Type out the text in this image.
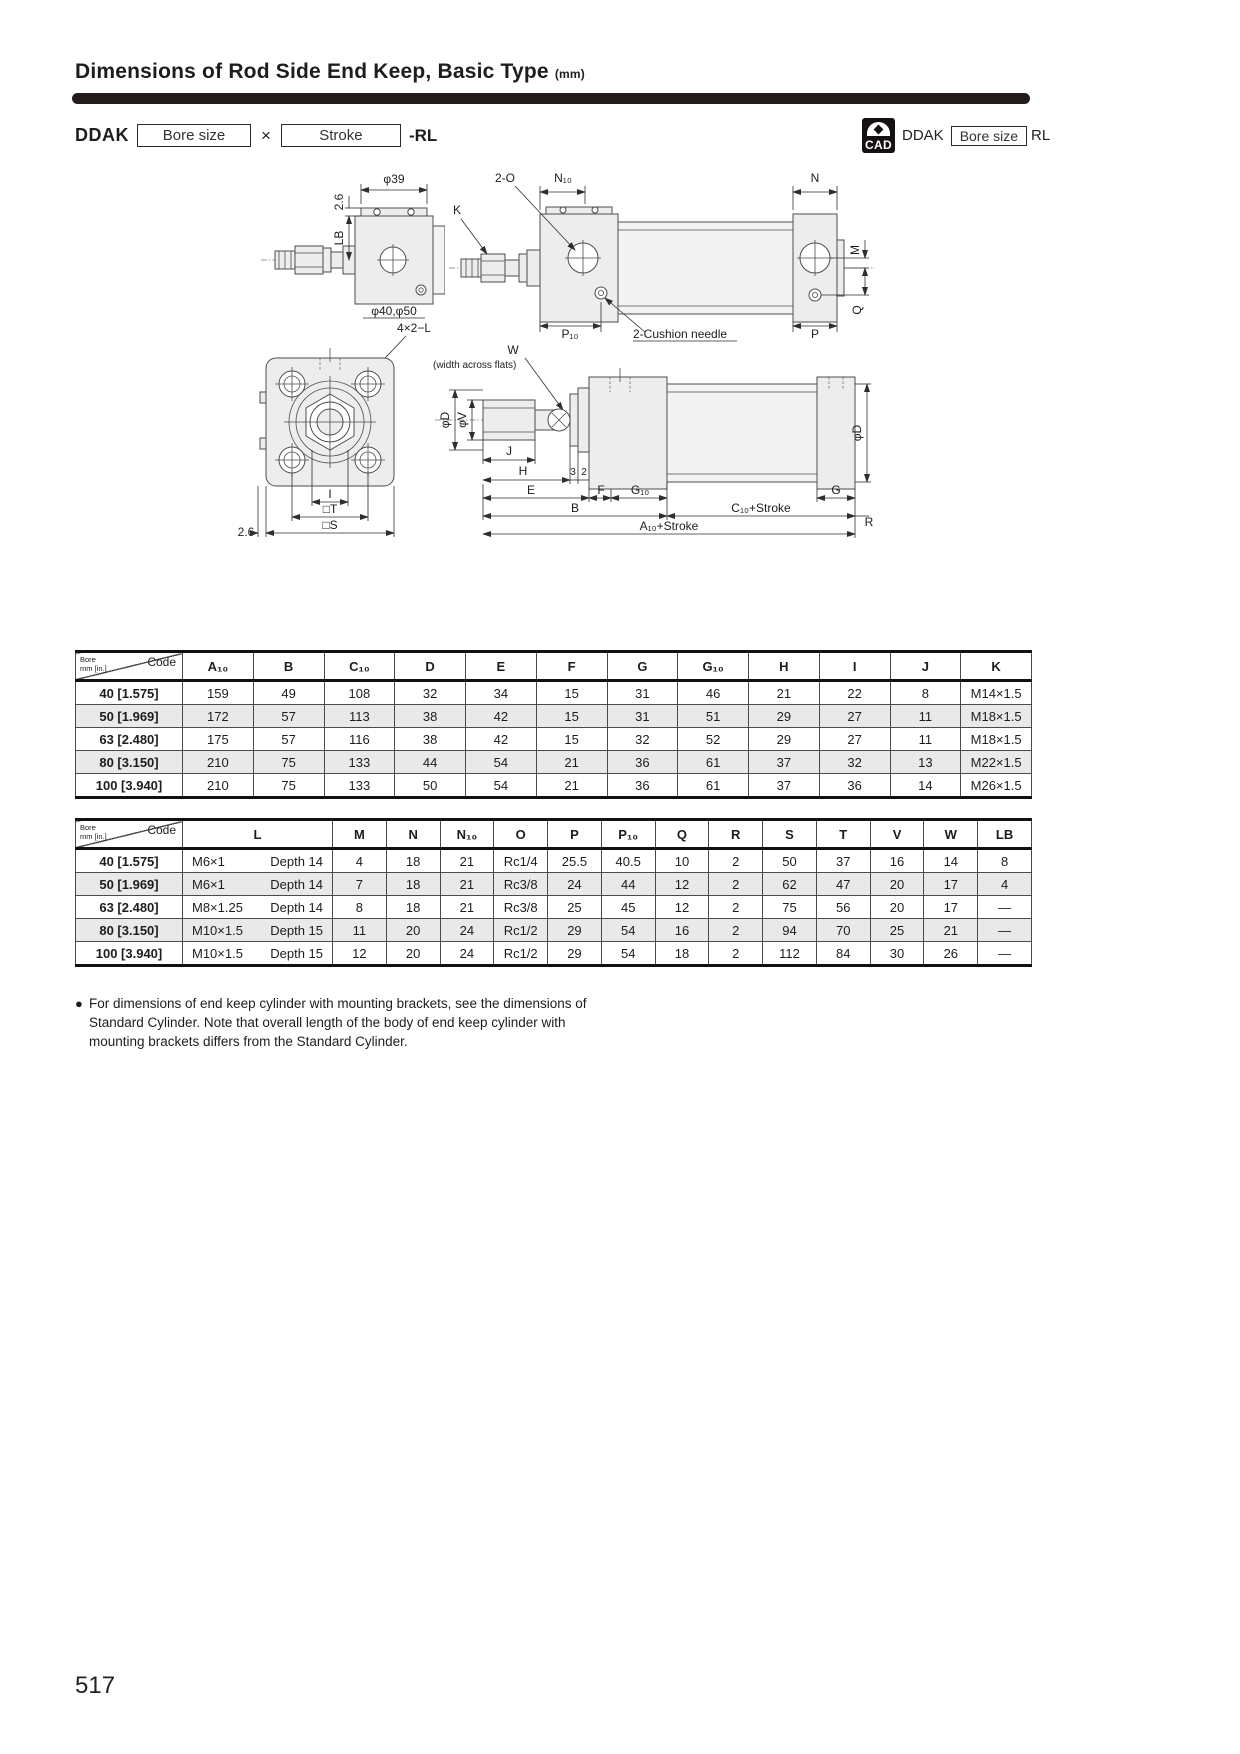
Dimensions of Rod Side End Keep, Basic Type (mm)
DDAK	Bore size	×	Stroke	-RL
CAD
DDAK	Bore size RL
φ39
2.6
LB
φ40,φ50
N₁₀
2-O
K
N
M
Q
P₁₀	2-Cushion needle	P
4×2−L
I
□T
□S
2.6
W
(width across flats)
φD φV
J
H	3 2
E	F G₁₀	G
B	C₁₀+Stroke
R
A₁₀+Stroke
φD
Code
Bore
mm [in.]	A₁₀	B	C₁₀	D	E	F	G	G₁₀	H	I	J	K
40 [1.575]	159	49	108	32	34	15	31	46	21	22	8	M14×1.5
50 [1.969]	172	57	113	38	42	15	31	51	29	27	11	M18×1.5
63 [2.480]	175	57	116	38	42	15	32	52	29	27	11	M18×1.5
80 [3.150]	210	75	133	44	54	21	36	61	37	32	13	M22×1.5
100 [3.940]	210	75	133	50	54	21	36	61	37	36	14	M26×1.5
Code
Bore
mm [in.]	L	M	N	N₁₀	O	P	P₁₀	Q	R	S	T	V	W	LB
40 [1.575]	M6×1 Depth 14	4	18	21	Rc1/4	25.5	40.5	10	2	50	37	16	14	8
50 [1.969]	M6×1 Depth 14	7	18	21	Rc3/8	24	44	12	2	62	47	20	17	4
63 [2.480]	M8×1.25 Depth 14	8	18	21	Rc3/8	25	45	12	2	75	56	20	17	—
80 [3.150]	M10×1.5 Depth 15	11	20	24	Rc1/2	29	54	16	2	94	70	25	21	—
100 [3.940]	M10×1.5 Depth 15	12	20	24	Rc1/2	29	54	18	2	112	84	30	26	—
● For dimensions of end keep cylinder with mounting brackets, see the dimensions of Standard Cylinder. Note that overall length of the body of end keep cylinder with mounting brackets differs from the Standard Cylinder.
517
